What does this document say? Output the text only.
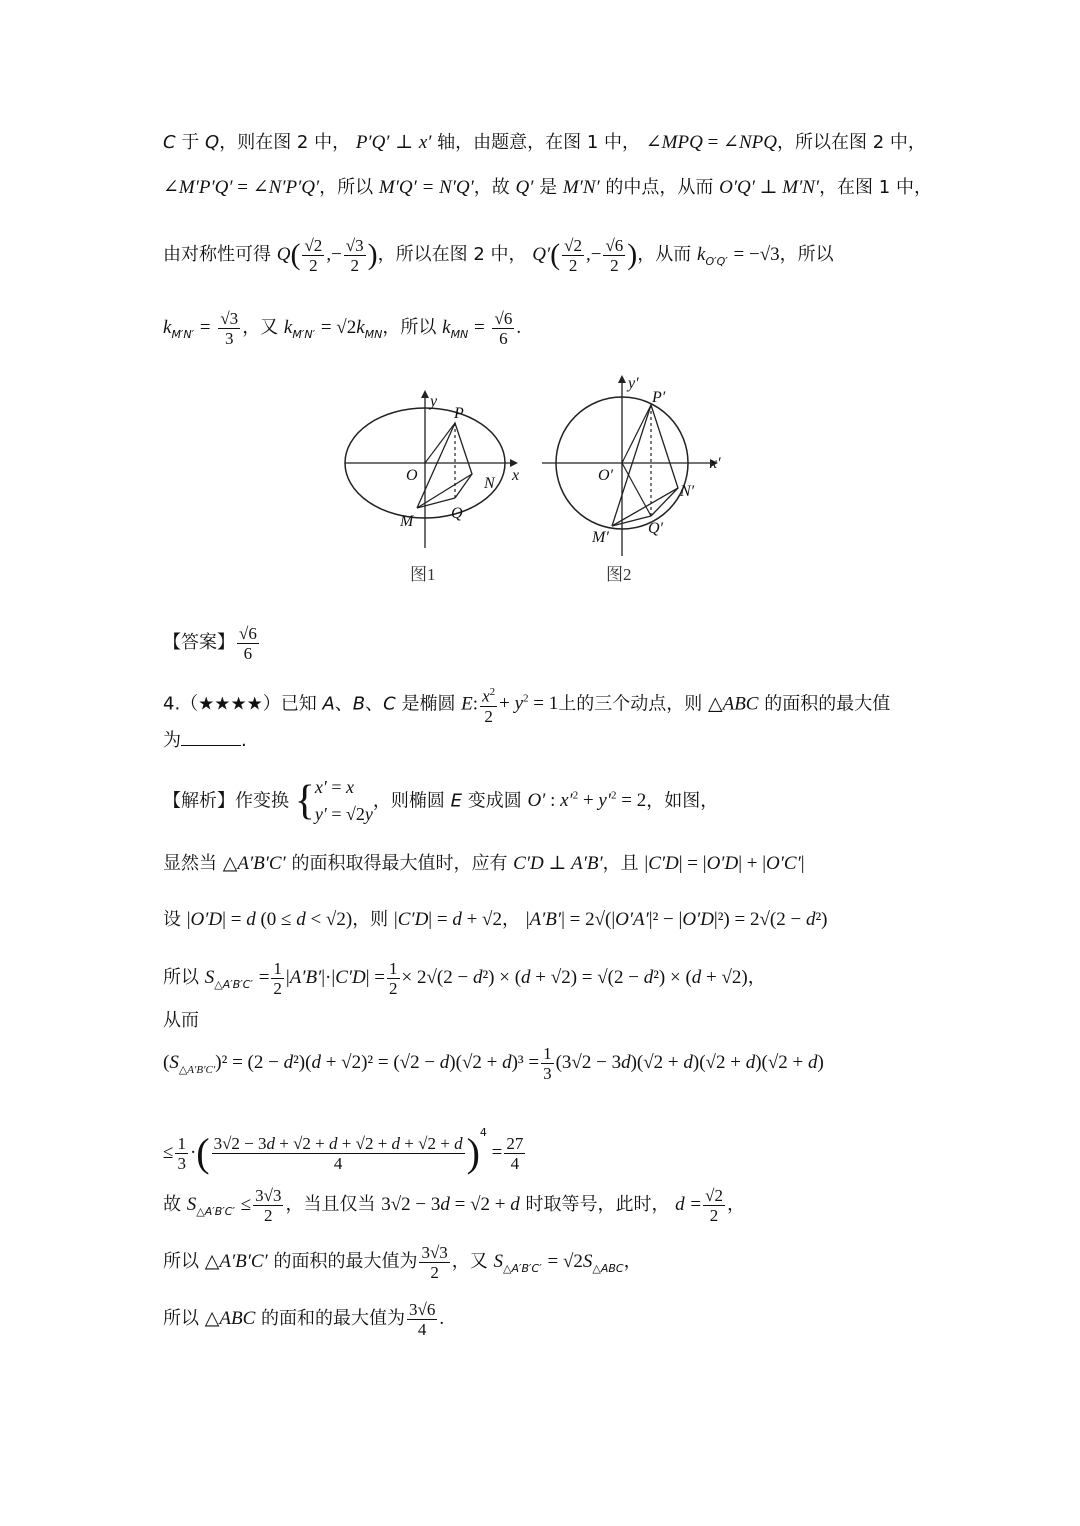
C 于 Q，则在图 2 中， P′Q′ ⊥ x′ 轴，由题意，在图 1 中， ∠MPQ = ∠NPQ，所以在图 2 中，
∠M′P′Q′ = ∠N′P′Q′，所以 M′Q′ = N′Q′，故 Q′ 是 M′N′ 的中点，从而 O′Q′ ⊥ M′N′，在图 1 中，
由对称性可得 $Q( \frac{√2}{2}$ ,− $\frac{√3}{2}$ )，所以在图 2 中， $Q'( \frac{√2}{2}$ ,− $\frac{√6}{2}$ )，从而 $k_{O'Q'} = -√3$，所以
$k_{M'N'} = \frac{√3}{3}$ ，又 $k_{M'N'} = √2k_{MN}$，所以 $k_{MN} = \frac{√6}{6}$ .
y
x
O
P
N
M Q
图1
y′
x′
O′
P′
N′
M′
Q′
图2
【答案】 $\frac{√6}{6}$
4.（★★★★）已知 A、B、C 是椭圆 E: $\frac{x^2}{2} + y^2 = 1$上的三个动点，则 △ABC 的面积的最大值
为	.
【解析】作变换 { x′ = x
y′ = √2y
，则椭圆 E 变成圆 O′ : $x'^2 + y'^2 = 2$，如图，
显然当 △A′B′C′ 的面积取得最大值时，应有 C′D ⊥ A′B′，且 |C′D| = |O′D| + |O′C′|
设 |O′D| = d (0 ≤ d < √2)，则 |C′D| = d + √2， |A′B′| = 2√(|O′A′|² − |O′D|²) = 2√(2 − d²)
所以 $S_{\triangle A'B'C'} = \frac{1}{2} |A'B'|\cdot|C'D| = \frac{1}{2} \times 2√(2 - d^2) \times (d + √2) = √(2 - d^2) \times (d + √2)$，
从而
$(S_{\triangle A'B'C'})^2 = (2 - d^2)(d + √2)^2 = (√2 - d)(√2 + d)^3 = \frac{1}{3} (3√2 - 3d)(√2 + d)(√2 + d)(√2 + d)$
≤ $\frac{1}{3}$ ·( $\frac{3√2 - 3d + √2 + d + √2 + d + √2 + d}{4} )^4 = \frac{27}{4}$
故 $S_{\triangle A'B'C'} \le \frac{3√3}{2}$ ，当且仅当 3√2 − 3d = √2 + d 时取等号，此时， $d = \frac{√2}{2}$ ，
所以 △A′B′C′ 的面积的最大值为 $\frac{3√3}{2}$ ，又 $S_{\triangle A'B'C'} = √2S_{\triangle ABC}$，
所以 △ABC 的面和的最大值为 $\frac{3√6}{4}$ .
